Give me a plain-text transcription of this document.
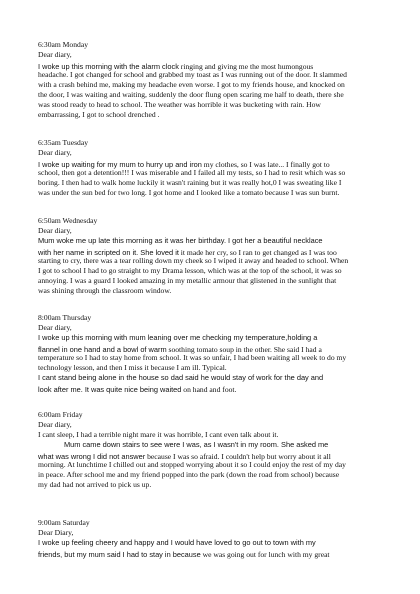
6:30am Monday
Dear diary,
I woke up this morning with the alarm clock ringing and giving me the most humongous
headache. I got changed for school and grabbed my toast as I was running out of the door. It slammed
with a crash behind me, making my headache even worse. I got to my friends house, and knocked on
the door, I was waiting and waiting, suddenly the door flung open scaring me half to death, there she
was stood ready to head to school. The weather was horrible it was bucketing with rain. How
embarrassing, I got to school drenched .
6:35am Tuesday
Dear diary,
I woke up waiting for my mum to hurry up and iron my clothes, so I was late... I finally got to
school, then got a detention!!! I was miserable and I failed all my tests, so I had to resit which was so
boring. I then had to walk home luckily it wasn't raining but it was really hot,0 I was sweating like I
was under the sun bed for two long. I got home and I looked like a tomato because I was sun burnt.
6:50am Wednesday
Dear diary,
Mum woke me up late this morning as it was her birthday. I got her a beautiful necklace
with her name in scripted on it. She loved it it made her cry, so I ran to get changed as I was too
starting to cry, there was a tear rolling down my cheek so I wiped it away and headed to school. When
I got to school I had to go straight to my Drama lesson, which was at the top of the school, it was so
annoying. I was a guard I looked amazing in my metallic armour that glistened in the sunlight that
was shining through the classroom window.
8:00am Thursday
Dear diary,
I woke up this morning with mum leaning over me checking my temperature,holding a
flannel in one hand and a bowl of warm soothing tomato soup in the other. She said I had a
temperature so I had to stay home from school. It was so unfair, I had been waiting all week to do my
technology lesson, and then I miss it because I am ill. Typical.
I cant stand being alone in the house so dad said he would stay of work for the day and
look after me. It was quite nice being waited on hand and foot.
6:00am Friday
Dear diary,
I cant sleep, I had a terrible night mare it was horrible, I cant even talk about it.
Mum came down stairs to see were I was, as I wasn't in my room. She asked me
what was wrong I did not answer because I was so afraid. I couldn't help but worry about it all
morning. At lunchtime I chilled out and stopped worrying about it so I could enjoy the rest of my day
in peace. After school me and my friend popped into the park (down the road from school) because
my dad had not arrived to pick us up.
9:00am Saturday
Dear Diary,
I woke up feeling cheery and happy and I would have loved to go out to town with my
friends, but my mum said I had to stay in because we was going out for lunch with my great
